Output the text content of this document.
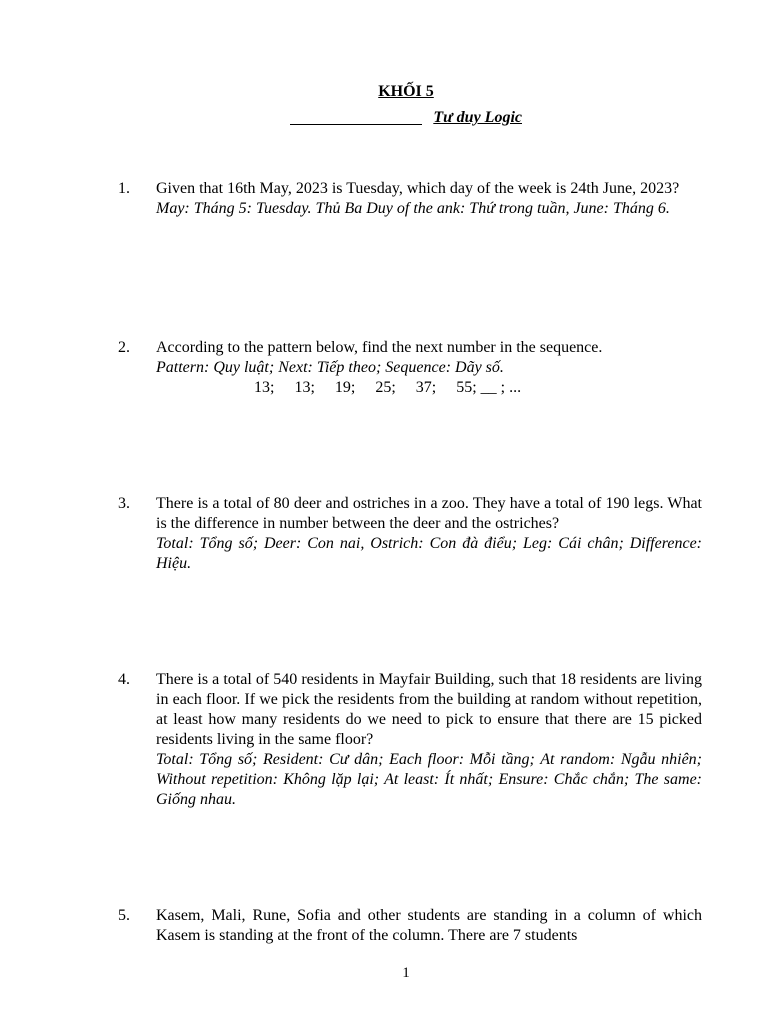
KHỐI 5
Tư duy Logic
1.	Given that 16th May, 2023 is Tuesday, which day of the week is 24th June, 2023?

May: Tháng 5: Tuesday. Thủ Ba Duy of the ank: Thứ trong tuần, June: Tháng 6.

2.	According to the pattern below, find the next number in the sequence.

Pattern: Quy luật; Next: Tiếp theo; Sequence: Dãy số.

13;     13;     19;     25;     37;     55; __ ; ...
3.	There is a total of 80 deer and ostriches in a zoo. They have a total of 190 legs. What is the difference in number between the deer and the ostriches?

Total: Tổng số; Deer: Con nai, Ostrich: Con đà điểu; Leg: Cái chân; Difference: Hiệu.

4.	There is a total of 540 residents in Mayfair Building, such that 18 residents are living in each floor. If we pick the residents from the building at random without repetition, at least how many residents do we need to pick to ensure that there are 15 picked residents living in the same floor?

Total: Tổng số; Resident: Cư dân; Each floor: Mỗi tầng; At random: Ngẫu nhiên; Without repetition: Không lặp lại; At least: Ít nhất; Ensure: Chắc chắn; The same: Giống nhau.

5.	Kasem, Mali, Rune, Sofia and other students are standing in a column of which Kasem is standing at the front of the column. There are 7 students

1
